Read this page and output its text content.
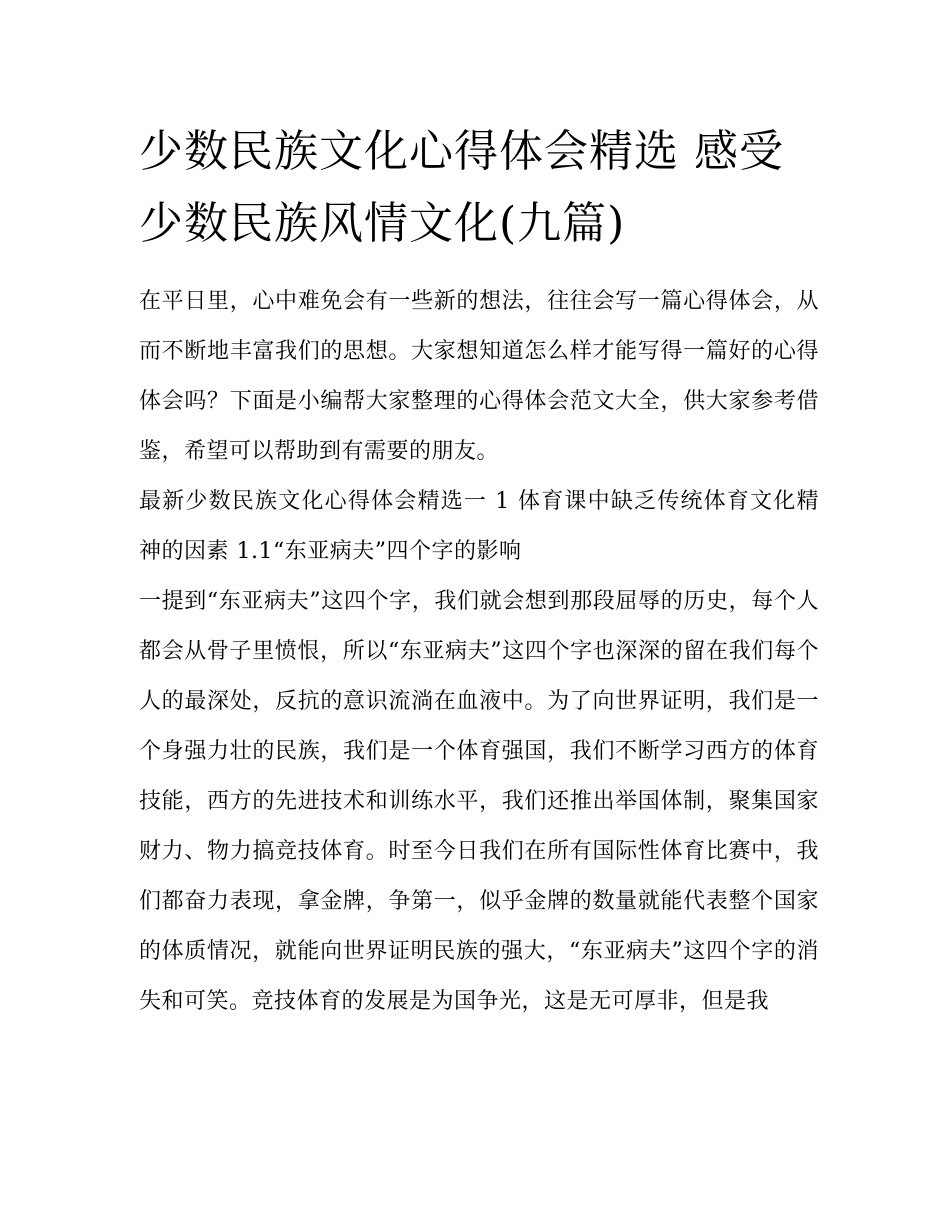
少数民族文化心得体会精选 感受少数民族风情文化(九篇)

在平日里，心中难免会有一些新的想法，往往会写一篇心得体会，从而不断地丰富我们的思想。大家想知道怎么样才能写得一篇好的心得体会吗？下面是小编帮大家整理的心得体会范文大全，供大家参考借鉴，希望可以帮助到有需要的朋友。

最新少数民族文化心得体会精选一 1 体育课中缺乏传统体育文化精神的因素 1.1“东亚病夫”四个字的影响

一提到“东亚病夫”这四个字，我们就会想到那段屈辱的历史，每个人都会从骨子里愤恨，所以“东亚病夫”这四个字也深深的留在我们每个人的最深处，反抗的意识流淌在血液中。为了向世界证明，我们是一个身强力壮的民族，我们是一个体育强国，我们不断学习西方的体育技能，西方的先进技术和训练水平，我们还推出举国体制，聚集国家财力、物力搞竞技体育。时至今日我们在所有国际性体育比赛中，我们都奋力表现，拿金牌，争第一，似乎金牌的数量就能代表整个国家的体质情况，就能向世界证明民族的强大，“东亚病夫”这四个字的消失和可笑。竞技体育的发展是为国争光，这是无可厚非，但是我
